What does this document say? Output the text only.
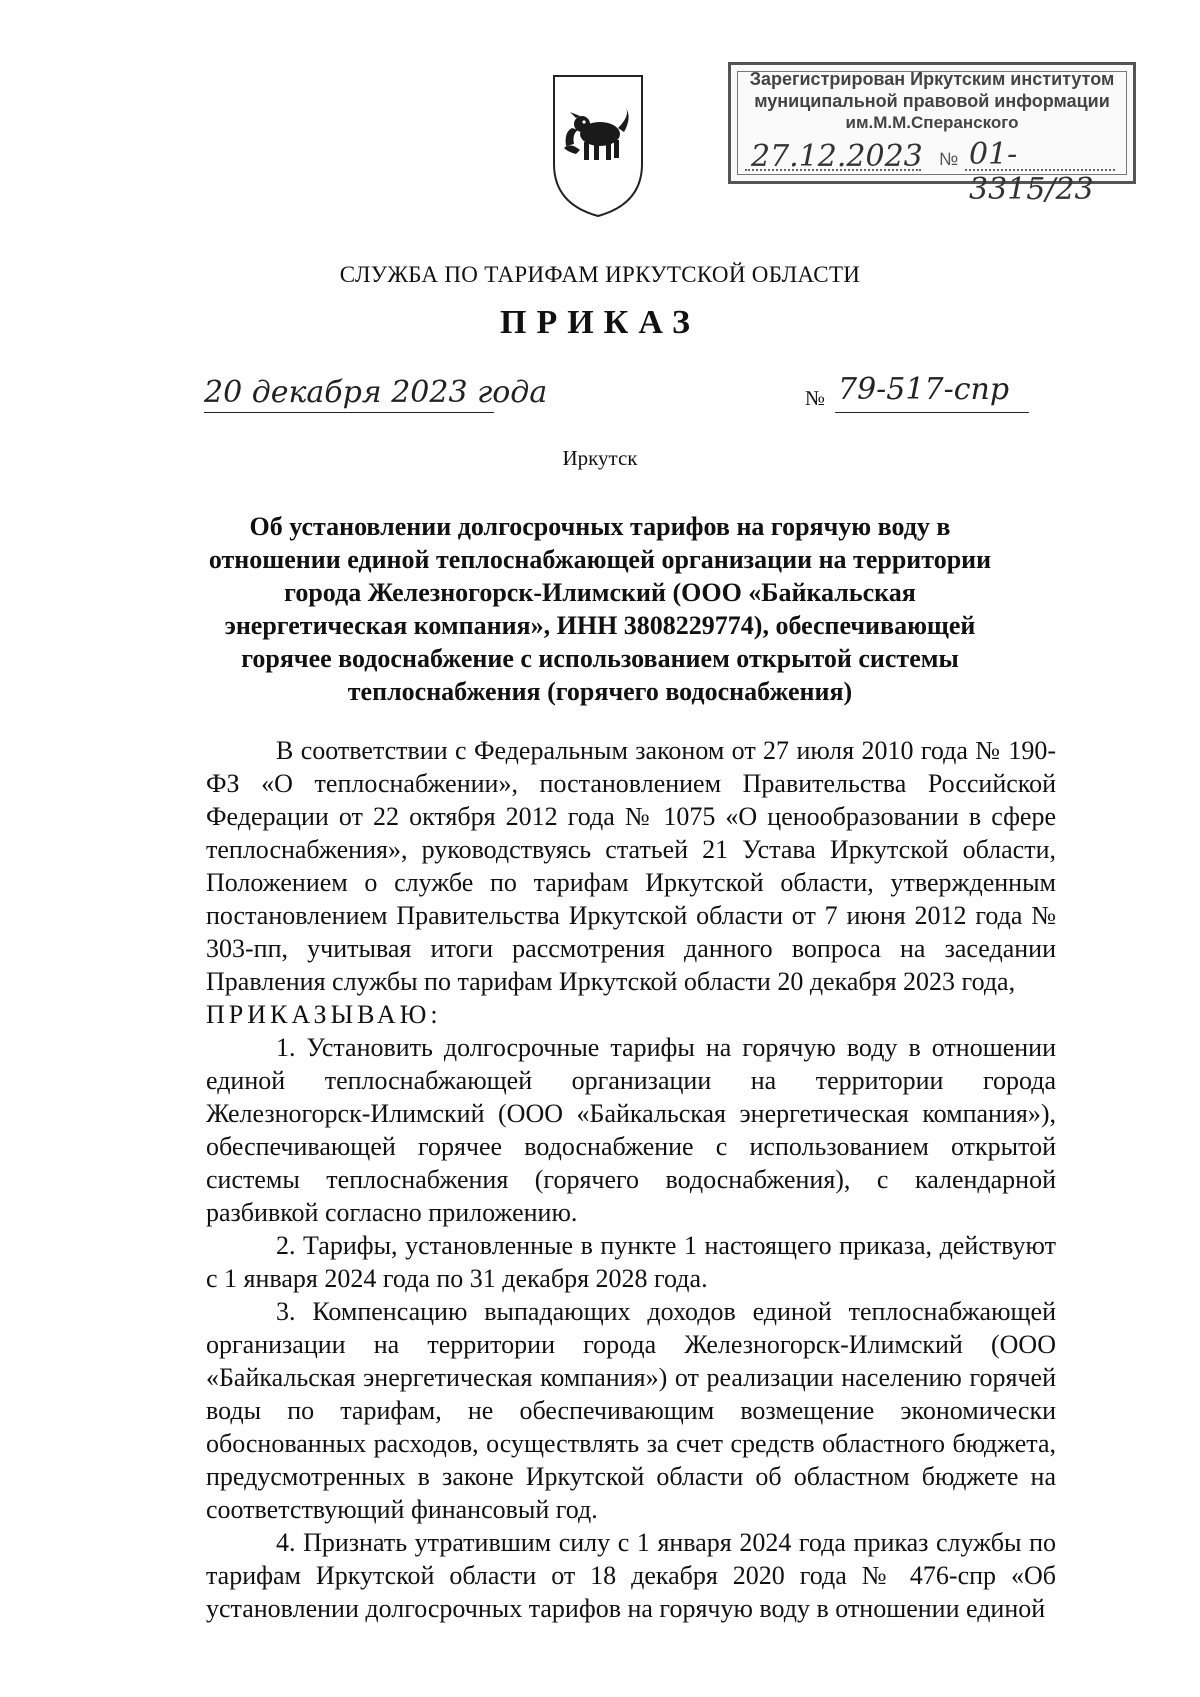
Зарегистрирован Иркутским институтом
муниципальной правовой информации
им.М.М.Сперанского
27.12.2023 № 01-3315/23
СЛУЖБА ПО ТАРИФАМ ИРКУТСКОЙ ОБЛАСТИ
ПРИКАЗ
20 декабря 2023 года	№ 79-517-спр
Иркутск
Об установлении долгосрочных тарифов на горячую воду в отношении единой теплоснабжающей организации на территории города Железногорск-Илимский (ООО «Байкальская энергетическая компания», ИНН 3808229774), обеспечивающей горячее водоснабжение с использованием открытой системы теплоснабжения (горячего водоснабжения)

В соответствии с Федеральным законом от 27 июля 2010 года № 190-ФЗ «О теплоснабжении», постановлением Правительства Российской Федерации от 22 октября 2012 года № 1075 «О ценообразовании в сфере теплоснабжения», руководствуясь статьей 21 Устава Иркутской области, Положением о службе по тарифам Иркутской области, утвержденным постановлением Правительства Иркутской области от 7 июня 2012 года № 303-пп, учитывая итоги рассмотрения данного вопроса на заседании Правления службы по тарифам Иркутской области 20 декабря 2023 года,

ПРИКАЗЫВАЮ:

1. Установить долгосрочные тарифы на горячую воду в отношении единой теплоснабжающей организации на территории города Железногорск-Илимский (ООО «Байкальская энергетическая компания»), обеспечивающей горячее водоснабжение с использованием открытой системы теплоснабжения (горячего водоснабжения), с календарной разбивкой согласно приложению.

2. Тарифы, установленные в пункте 1 настоящего приказа, действуют с 1 января 2024 года по 31 декабря 2028 года.

3. Компенсацию выпадающих доходов единой теплоснабжающей организации на территории города Железногорск-Илимский (ООО «Байкальская энергетическая компания») от реализации населению горячей воды по тарифам, не обеспечивающим возмещение экономически обоснованных расходов, осуществлять за счет средств областного бюджета, предусмотренных в законе Иркутской области об областном бюджете на соответствующий финансовый год.

4. Признать утратившим силу с 1 января 2024 года приказ службы по тарифам Иркутской области от 18 декабря 2020 года № 476-спр «Об установлении долгосрочных тарифов на горячую воду в отношении единой
